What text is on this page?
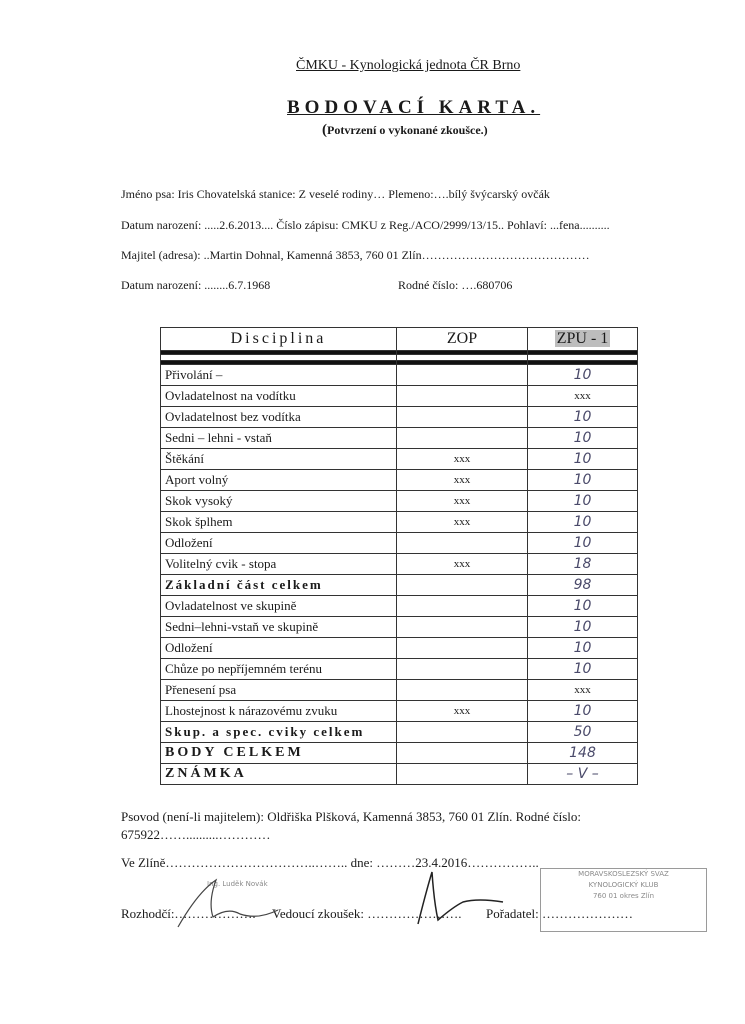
ČMKU - Kynologická jednota ČR Brno
BODOVACÍ KARTA.
(Potvrzení o vykonané zkoušce.)
Jméno psa: Iris Chovatelská stanice: Z veselé rodiny… Plemeno:….bílý švýcarský ovčák
Datum narození: .....2.6.2013.... Číslo zápisu: CMKU z Reg./ACO/2999/13/15.. Pohlaví: ...fena..........
Majitel (adresa): ..Martin Dohnal, Kamenná 3853, 760 01 Zlín……………………………………
Datum narození: ........6.7.1968	Rodné číslo: ….680706
Disciplina	ZOP	ZPU - 1

Přivolání –		10
Ovladatelnost na vodítku		xxx
Ovladatelnost bez vodítka		10
Sedni – lehni - vstaň		10
Štěkání	xxx	10
Aport volný	xxx	10
Skok vysoký	xxx	10
Skok šplhem	xxx	10
Odložení		10
Volitelný cvik - stopa	xxx	18
Základní část celkem		98
Ovladatelnost ve skupině		10
Sedni–lehni-vstaň ve skupině		10
Odložení		10
Chůze po nepříjemném terénu		10
Přenesení psa		xxx
Lhostejnost k nárazovému zvuku	xxx	10
Skup. a spec. cviky celkem		50
BODY CELKEM		148
ZNÁMKA		– V –
Psovod (není-li majitelem): Oldřiška Plšková, Kamenná 3853, 760 01 Zlín. Rodné číslo: 675922……..........…………
Ve Zlíně……………………………..…….. dne: ………23.4.2016……………..
Rozhodčí:………………. Vedoucí zkoušek: …………………. Pořadatel: …………………
Ing. Luděk Novák
MORAVSKOSLEZSKÝ SVAZ
KYNOLOGICKÝ KLUB
760 01 okres Zlín
